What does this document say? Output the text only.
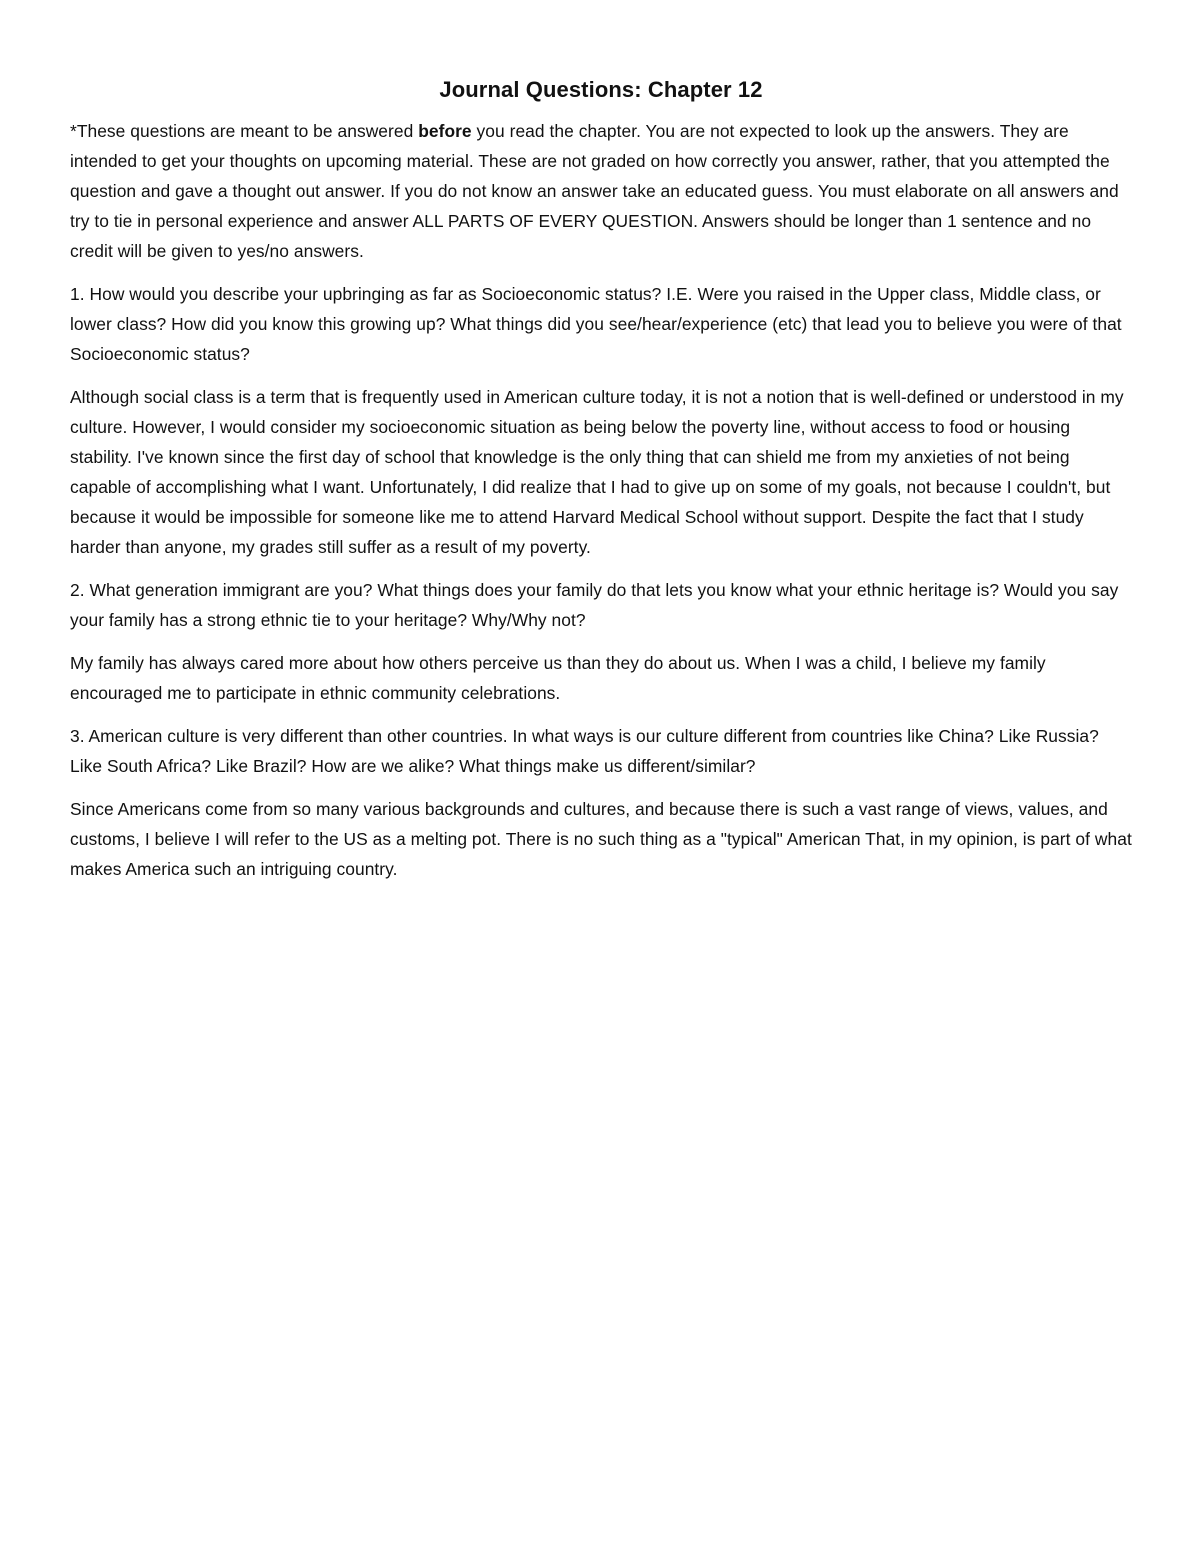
Journal Questions: Chapter 12

*These questions are meant to be answered before you read the chapter. You are not expected to look up the answers. They are intended to get your thoughts on upcoming material. These are not graded on how correctly you answer, rather, that you attempted the question and gave a thought out answer. If you do not know an answer take an educated guess. You must elaborate on all answers and try to tie in personal experience and answer ALL PARTS OF EVERY QUESTION. Answers should be longer than 1 sentence and no credit will be given to yes/no answers.

1. How would you describe your upbringing as far as Socioeconomic status? I.E. Were you raised in the Upper class, Middle class, or lower class? How did you know this growing up? What things did you see/hear/experience (etc) that lead you to believe you were of that Socioeconomic status?

Although social class is a term that is frequently used in American culture today, it is not a notion that is well-defined or understood in my culture. However, I would consider my socioeconomic situation as being below the poverty line, without access to food or housing stability. I've known since the first day of school that knowledge is the only thing that can shield me from my anxieties of not being capable of accomplishing what I want. Unfortunately, I did realize that I had to give up on some of my goals, not because I couldn't, but because it would be impossible for someone like me to attend Harvard Medical School without support. Despite the fact that I study harder than anyone, my grades still suffer as a result of my poverty.

2. What generation immigrant are you? What things does your family do that lets you know what your ethnic heritage is? Would you say your family has a strong ethnic tie to your heritage? Why/Why not?

My family has always cared more about how others perceive us than they do about us. When I was a child, I believe my family encouraged me to participate in ethnic community celebrations.

3. American culture is very different than other countries. In what ways is our culture different from countries like China? Like Russia? Like South Africa? Like Brazil? How are we alike? What things make us different/similar?

Since Americans come from so many various backgrounds and cultures, and because there is such a vast range of views, values, and customs, I believe I will refer to the US as a melting pot. There is no such thing as a "typical" American That, in my opinion, is part of what makes America such an intriguing country.
